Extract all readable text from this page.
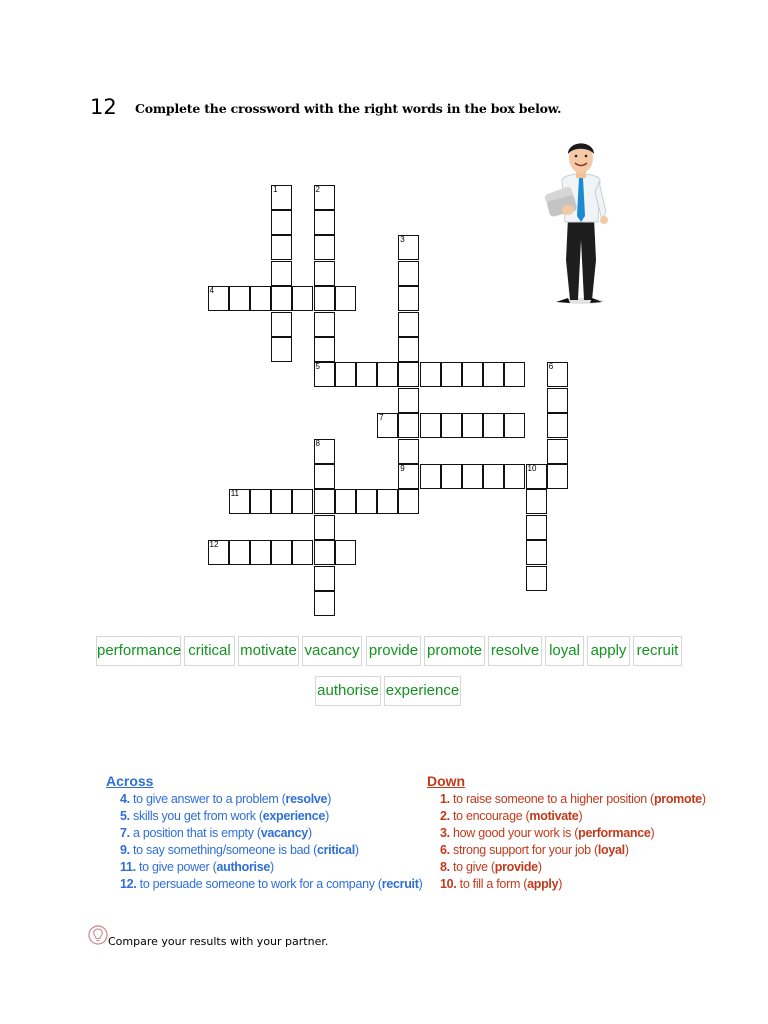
12 Complete the crossword with the right words in the box below.
1	2
5
3
9
4
6
7
8
10
11
12
performance critical motivate vacancy provide promote resolve loyal apply recruit
authorise experience
Across
4. to give answer to a problem (resolve)
5. skills you get from work (experience)
7. a position that is empty (vacancy)
9. to say something/someone is bad (critical)
11. to give power (authorise)
12. to persuade someone to work for a company (recruit)
Down
1. to raise someone to a higher position (promote)
2. to encourage (motivate)
3. how good your work is (performance)
6. strong support for your job (loyal)
8. to give (provide)
10. to fill a form (apply)
Compare your results with your partner.
